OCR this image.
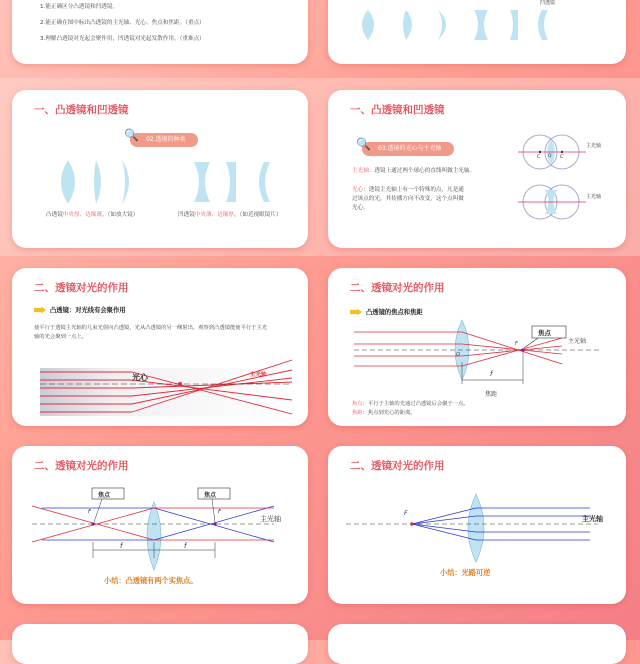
1.能正确区分凸透镜和凹透镜。
2.能正确在图中标出凸透镜的主光轴、光心、焦点和焦距。（重点）
3.理解凸透镜对光起会聚作用，凹透镜对光起发散作用。（重难点）
凹透镜
一、凸透镜和凹透镜
🔍 02.透镜的种类
凸透镜中央厚、边缘薄，（如放大镜）	凹透镜中央薄、边缘厚，（如近视眼镜片）
一、凸透镜和凹透镜
🔍 03.透镜的光心与主光轴
主光轴：透镜上通过两个球心的直线叫做主光轴。
光心：透镜主光轴上有一个特殊的点，凡是通
过该点的光，其传播方向不改变，这个点叫做
光心。
C	C
O
主光轴
主光轴
二、透镜对光的作用
凸透镜：对光线有会聚作用
使平行于透镜主光轴的几束光射向凸透镜，光从凸透镜的另一侧射出，观察到凸透镜能使平行于主光
轴的光会聚到一点上。
光心	主光轴
二、透镜对光的作用
凸透镜的焦点和焦距
焦点
主光轴
F
O
f
焦距
焦点：平行于主轴的光通过凸透镜后会聚于一点。
焦距：焦点到光心的距离。
二、透镜对光的作用
焦点	焦点
主光轴
F	F
f	f
小结：凸透镜有两个实焦点。
二、透镜对光的作用
F
主光轴
小结：光路可逆
